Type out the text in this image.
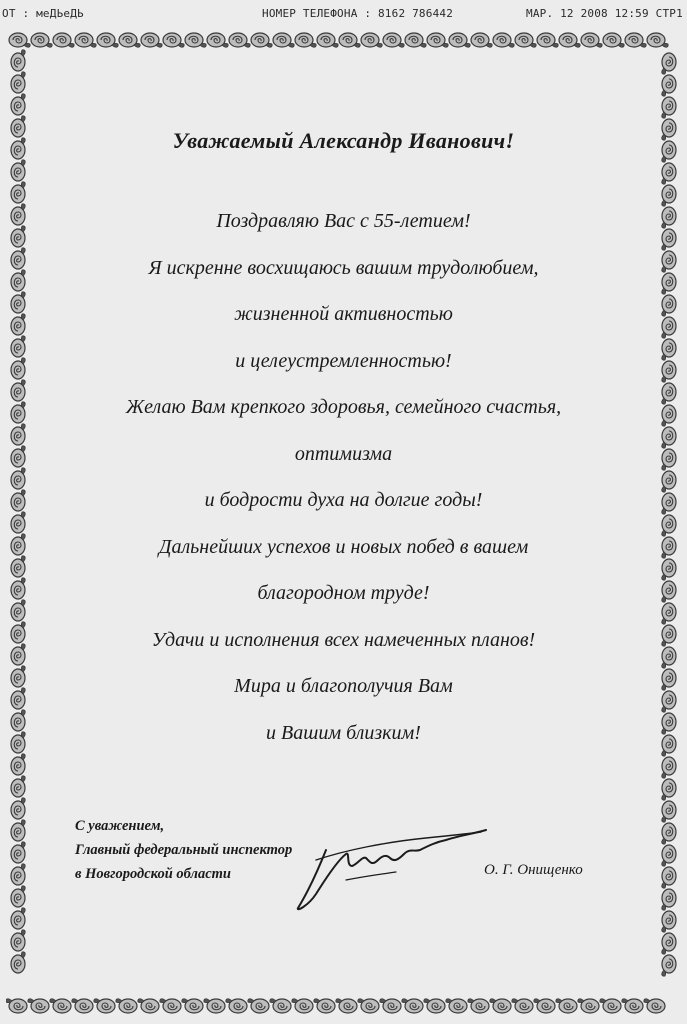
OT : меДЬеДЬ	НОМЕР ТЕЛЕФОНА : 8162 786442	МАР. 12 2008 12:59 СТР1
Уважаемый Александр Иванович!

Поздравляю Вас с 55-летием!

Я искренне восхищаюсь вашим трудолюбием,

жизненной активностью

и целеустремленностью!

Желаю Вам крепкого здоровья, семейного счастья,

оптимизма

и бодрости духа на долгие годы!

Дальнейших успехов и новых побед в вашем

благородном труде!

Удачи и исполнения всех намеченных планов!

Мира и благополучия Вам

и Вашим близким!

С уважением,
Главный федеральный инспектор
в Новгородской области	О. Г. Онищенко
